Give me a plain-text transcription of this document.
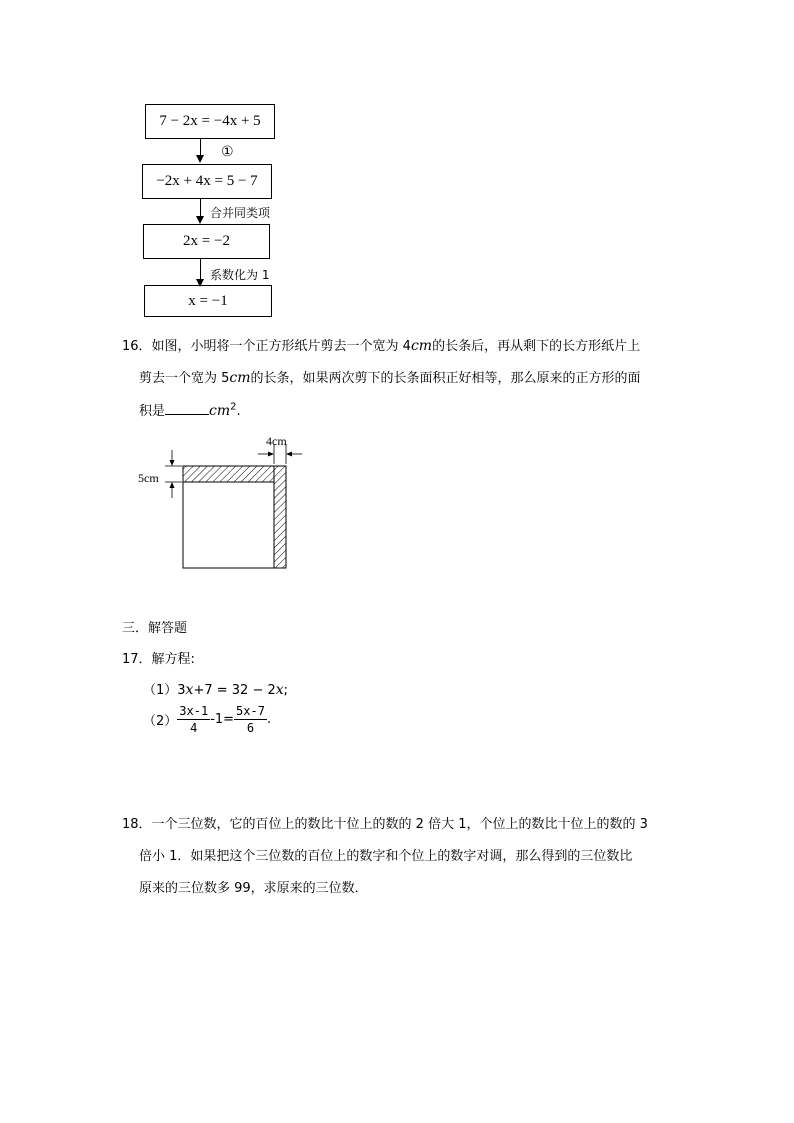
7 − 2x = −4x + 5
①
−2x + 4x = 5 − 7
合并同类项
2x = −2
系数化为 1
x = −1
16．如图，小明将一个正方形纸片剪去一个宽为 4cm的长条后，再从剩下的长方形纸片上
剪去一个宽为 5cm的长条，如果两次剪下的长条面积正好相等，那么原来的正方形的面
积是	$cm^2$.
4cm
5cm
三．解答题
17．解方程:
（1）3x+7 = 32 − 2x;
$(2) \frac{3x-1}{4} -1= \frac{5x-7}{6}$ .
18．一个三位数，它的百位上的数比十位上的数的 2 倍大 1，个位上的数比十位上的数的 3
倍小 1．如果把这个三位数的百位上的数字和个位上的数字对调，那么得到的三位数比
原来的三位数多 99，求原来的三位数．
